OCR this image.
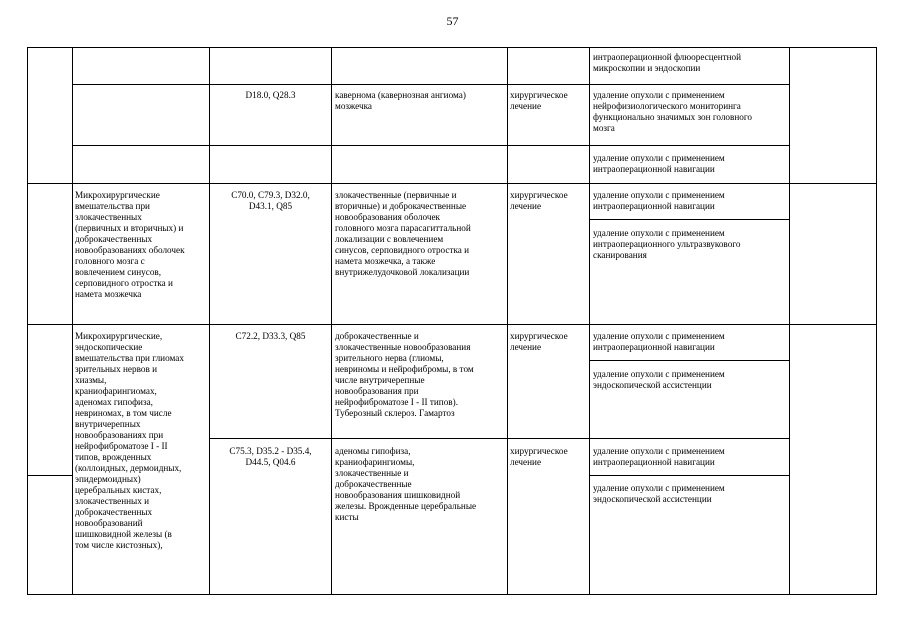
57
интраоперационной флюоресцентной
микроскопии и эндоскопии
D18.0, Q28.3	кавернома (кавернозная ангиома)
мозжечка
хирургическое
лечение
удаление опухоли с применением
нейрофизиологического мониторинга
функционально значимых зон головного
мозга
удаление опухоли с применением
интраоперационной навигации
Микрохирургические
вмешательства при
злокачественных
(первичных и вторичных) и
доброкачественных
новообразованиях оболочек
головного мозга с
вовлечением синусов,
серповидного отростка и
намета мозжечка
C70.0, C79.3, D32.0,
D43.1, Q85
злокачественные (первичные и
вторичные) и доброкачественные
новообразования оболочек
головного мозга парасагиттальной
локализации с вовлечением
синусов, серповидного отростка и
намета мозжечка, а также
внутрижелудочковой локализации
хирургическое
лечение
удаление опухоли с применением
интраоперационной навигации
удаление опухоли с применением
интраоперационного ультразвукового
сканирования
Микрохирургические,
эндоскопические
вмешательства при глиомах
зрительных нервов и
хиазмы,
краниофарингиомах,
аденомах гипофиза,
невриномах, в том числе
внутричерепных
новообразованиях при
нейрофиброматозе I - II
типов, врожденных
(коллоидных, дермоидных,
эпидермоидных)
церебральных кистах,
злокачественных и
доброкачественных
новообразований
шишковидной железы (в
том числе кистозных),
C72.2, D33.3, Q85	доброкачественные и
злокачественные новообразования
зрительного нерва (глиомы,
невриномы и нейрофибромы, в том
числе внутричерепные
новообразования при
нейрофиброматозе I - II типов).
Туберозный склероз. Гамартоз
хирургическое
лечение
удаление опухоли с применением
интраоперационной навигации
удаление опухоли с применением
эндоскопической ассистенции
C75.3, D35.2 - D35.4,
D44.5, Q04.6
аденомы гипофиза,
краниофарингиомы,
злокачественные и
доброкачественные
новообразования шишковидной
железы. Врожденные церебральные
кисты
хирургическое
лечение
удаление опухоли с применением
интраоперационной навигации
удаление опухоли с применением
эндоскопической ассистенции
